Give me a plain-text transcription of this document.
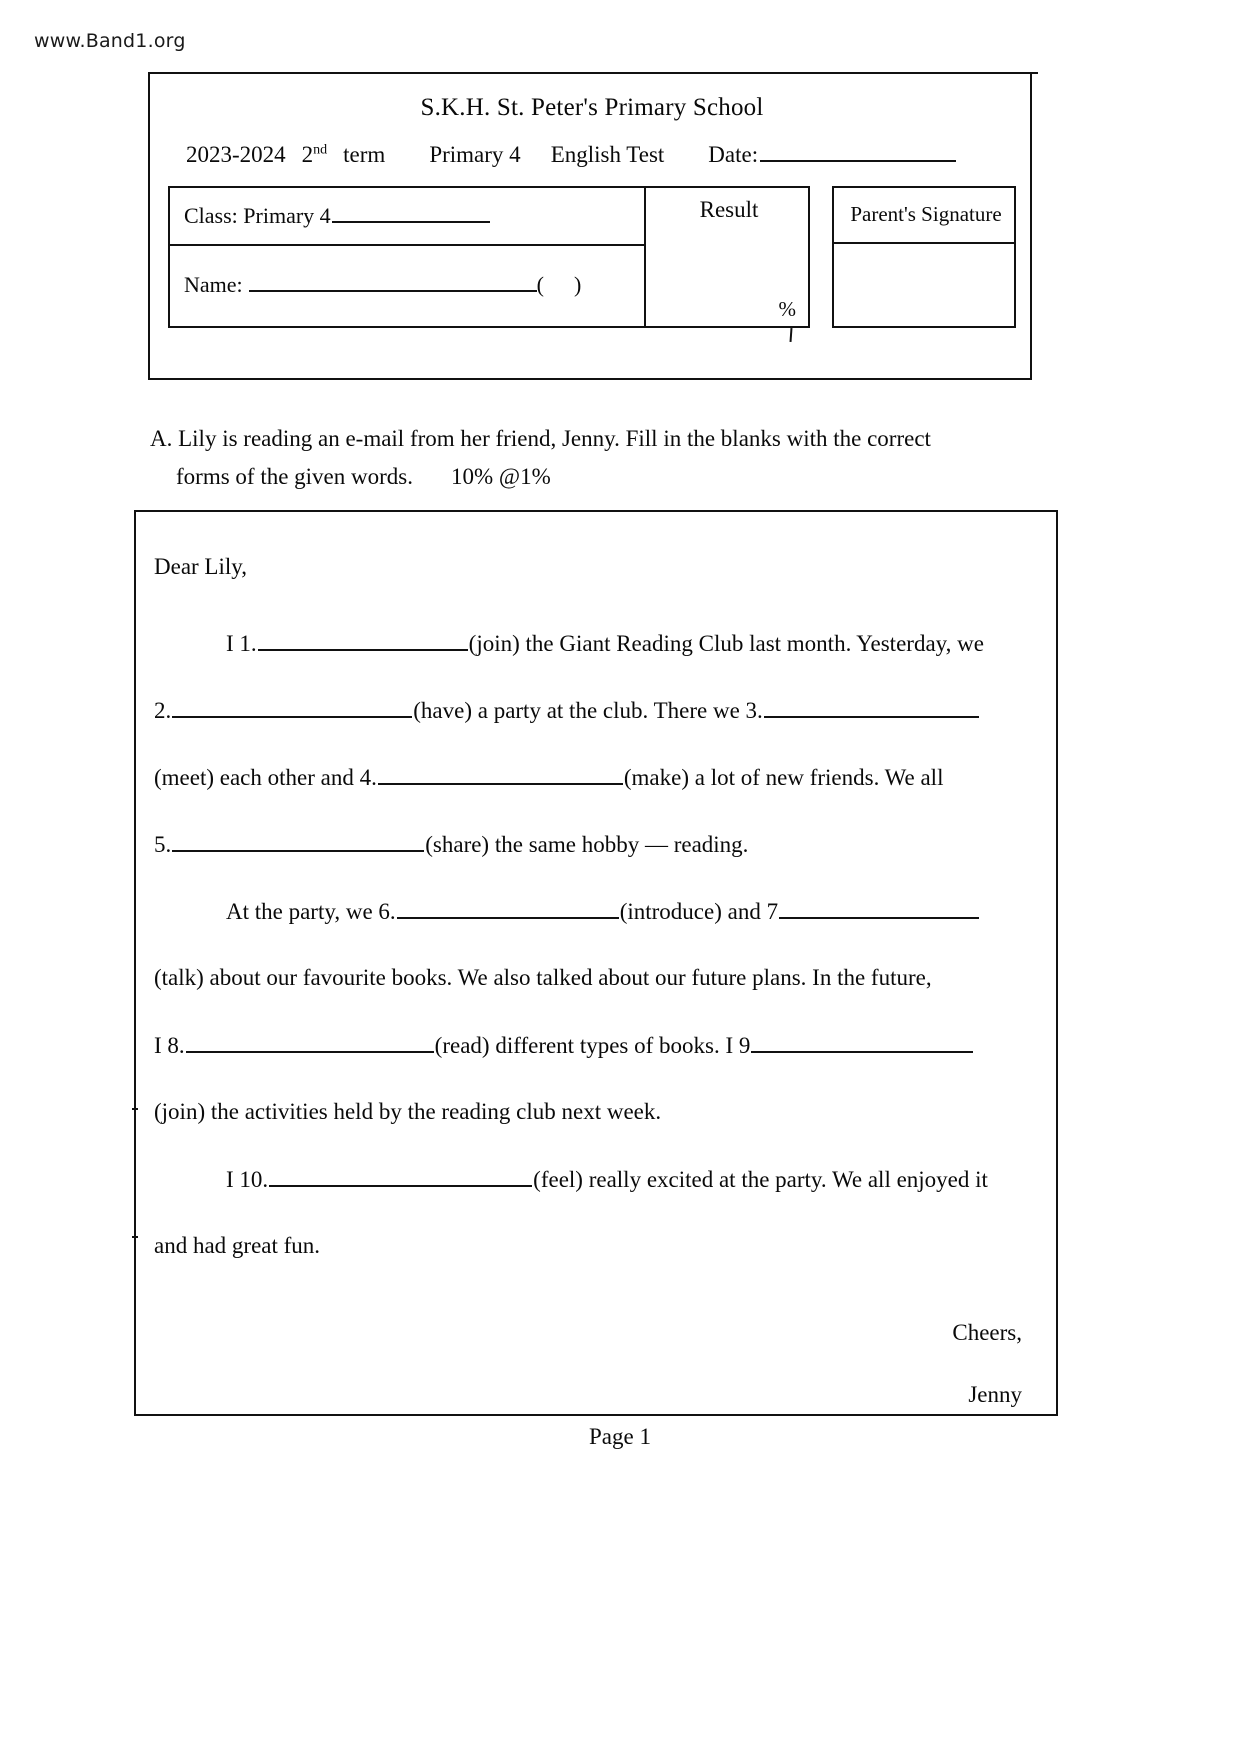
www.Band1.org
S.K.H. St. Peter's Primary School
2023-2024 2nd term Primary 4 English Test Date:
Class: Primary 4
Name:	( )
Result
%
Parent's Signature
A. Lily is reading an e-mail from her friend, Jenny. Fill in the blanks with the correct
forms of the given words. 10% @1%
Dear Lily,
I 1.	(join) the Giant Reading Club last month. Yesterday, we
2.	(have) a party at the club. There we 3.
(meet) each other and 4.	(make) a lot of new friends. We all
5.	(share) the same hobby — reading.
At the party, we 6.	(introduce) and 7
(talk) about our favourite books. We also talked about our future plans. In the future,
I 8.	(read) different types of books. I 9
(join) the activities held by the reading club next week.
I 10.	(feel) really excited at the party. We all enjoyed it
and had great fun.
Cheers,
Jenny
Page 1
